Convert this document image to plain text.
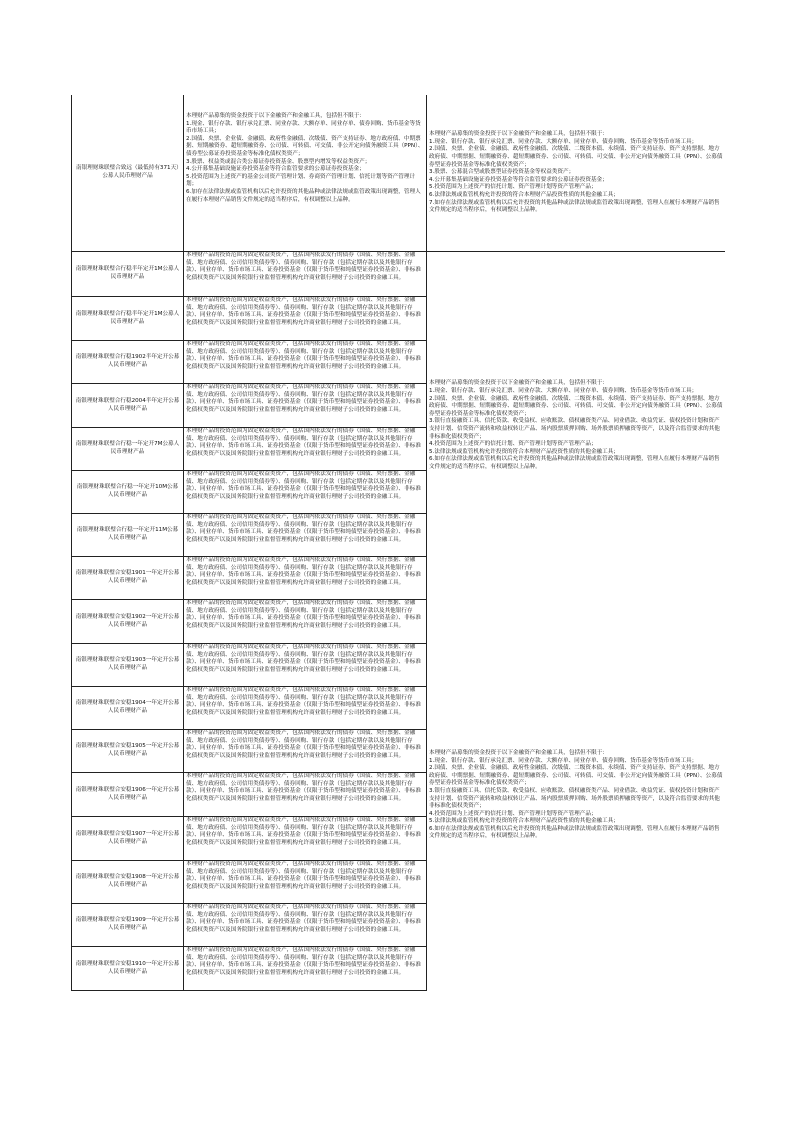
南银理财珠联璧合致远（最低持有371天）公募人民币理财产品
本理财产品募集的资金投资于以下金融资产和金融工具，包括但不限于：
1.现金、银行存款、银行承兑汇票、同业存款、大额存单、同业存单、债券回购、货币基金等货币市场工具；
2.国债、央票、企业债、金融债、政府性金融债、次级债、资产支持证券、地方政府债、中期票据、短期融资券、超短期融资券、公司债、可转债、可交债、非公开定向债务融资工具（PPN）、债券型公募证券投资基金等标准化债权类资产；
3.股票、权益类或混合类公募证券投资基金、股票型内增发等权益类资产；
4.公开募集基础设施证券投资基金等符合监管要求的公募证券投资基金；
5.投资范围为上述资产的基金公司资产管理计划、券商资产管理计划、信托计划等资产管理计划；
6.加存在法律法规或监管机构以后允许投资的其他品种或法律法规或监管政策出现调整，管理人在履行本理财产品销售文件规定的适当程序后，有权调整以上品种。
南银理财珠联璧合行稳半年定开1M公募人民币理财产品
本理财产品的投资范围为固定收益类资产，包括国内依法发行的债券（国债、央行票据、金融债、地方政府债、公司信用类债券等）、债券回购、银行存款（包括定期存款以及其他银行存款）、同业存单、货币市场工具、证券投资基金（仅限于货币型和纯债型证券投资基金）、非标准化债权类资产以及国务院银行业监督管理机构允许商业银行理财子公司投资的金融工具。
南银理财珠联璧合行稳半年定开1M公募人民币理财产品
本理财产品的投资范围为固定收益类资产，包括国内依法发行的债券（国债、央行票据、金融债、地方政府债、公司信用类债券等）、债券回购、银行存款（包括定期存款以及其他银行存款）、同业存单、货币市场工具、证券投资基金（仅限于货币型和纯债型证券投资基金）、非标准化债权类资产以及国务院银行业监督管理机构允许商业银行理财子公司投资的金融工具。
南银理财珠联璧合行稳1902半年定开公募人民币理财产品
本理财产品的投资范围为固定收益类资产，包括国内依法发行的债券（国债、央行票据、金融债、地方政府债、公司信用类债券等）、债券回购、银行存款（包括定期存款以及其他银行存款）、同业存单、货币市场工具、证券投资基金（仅限于货币型和纯债型证券投资基金）、非标准化债权类资产以及国务院银行业监督管理机构允许商业银行理财子公司投资的金融工具。
南银理财珠联璧合行稳2004半年定开公募人民币理财产品
本理财产品的投资范围为固定收益类资产，包括国内依法发行的债券（国债、央行票据、金融债、地方政府债、公司信用类债券等）、债券回购、银行存款（包括定期存款以及其他银行存款）、同业存单、货币市场工具、证券投资基金（仅限于货币型和纯债型证券投资基金）、非标准化债权类资产以及国务院银行业监督管理机构允许商业银行理财子公司投资的金融工具。
南银理财珠联璧合行稳一年定开7M公募人民币理财产品
本理财产品的投资范围为固定收益类资产，包括国内依法发行的债券（国债、央行票据、金融债、地方政府债、公司信用类债券等）、债券回购、银行存款（包括定期存款以及其他银行存款）、同业存单、货币市场工具、证券投资基金（仅限于货币型和纯债型证券投资基金）、非标准化债权类资产以及国务院银行业监督管理机构允许商业银行理财子公司投资的金融工具。
南银理财珠联璧合行稳一年定开10M公募人民币理财产品
本理财产品的投资范围为固定收益类资产，包括国内依法发行的债券（国债、央行票据、金融债、地方政府债、公司信用类债券等）、债券回购、银行存款（包括定期存款以及其他银行存款）、同业存单、货币市场工具、证券投资基金（仅限于货币型和纯债型证券投资基金）、非标准化债权类资产以及国务院银行业监督管理机构允许商业银行理财子公司投资的金融工具。
南银理财珠联璧合行稳一年定开11M公募人民币理财产品
本理财产品的投资范围为固定收益类资产，包括国内依法发行的债券（国债、央行票据、金融债、地方政府债、公司信用类债券等）、债券回购、银行存款（包括定期存款以及其他银行存款）、同业存单、货币市场工具、证券投资基金（仅限于货币型和纯债型证券投资基金）、非标准化债权类资产以及国务院银行业监督管理机构允许商业银行理财子公司投资的金融工具。
南银理财珠联璧合安稳1901一年定开公募人民币理财产品
本理财产品的投资范围为固定收益类资产，包括国内依法发行的债券（国债、央行票据、金融债、地方政府债、公司信用类债券等）、债券回购、银行存款（包括定期存款以及其他银行存款）、同业存单、货币市场工具、证券投资基金（仅限于货币型和纯债型证券投资基金）、非标准化债权类资产以及国务院银行业监督管理机构允许商业银行理财子公司投资的金融工具。
南银理财珠联璧合安稳1902一年定开公募人民币理财产品
本理财产品的投资范围为固定收益类资产，包括国内依法发行的债券（国债、央行票据、金融债、地方政府债、公司信用类债券等）、债券回购、银行存款（包括定期存款以及其他银行存款）、同业存单、货币市场工具、证券投资基金（仅限于货币型和纯债型证券投资基金）、非标准化债权类资产以及国务院银行业监督管理机构允许商业银行理财子公司投资的金融工具。
南银理财珠联璧合安稳1903一年定开公募人民币理财产品
本理财产品的投资范围为固定收益类资产，包括国内依法发行的债券（国债、央行票据、金融债、地方政府债、公司信用类债券等）、债券回购、银行存款（包括定期存款以及其他银行存款）、同业存单、货币市场工具、证券投资基金（仅限于货币型和纯债型证券投资基金）、非标准化债权类资产以及国务院银行业监督管理机构允许商业银行理财子公司投资的金融工具。
南银理财珠联璧合安稳1904一年定开公募人民币理财产品
本理财产品的投资范围为固定收益类资产，包括国内依法发行的债券（国债、央行票据、金融债、地方政府债、公司信用类债券等）、债券回购、银行存款（包括定期存款以及其他银行存款）、同业存单、货币市场工具、证券投资基金（仅限于货币型和纯债型证券投资基金）、非标准化债权类资产以及国务院银行业监督管理机构允许商业银行理财子公司投资的金融工具。
南银理财珠联璧合安稳1905一年定开公募人民币理财产品
本理财产品的投资范围为固定收益类资产，包括国内依法发行的债券（国债、央行票据、金融债、地方政府债、公司信用类债券等）、债券回购、银行存款（包括定期存款以及其他银行存款）、同业存单、货币市场工具、证券投资基金（仅限于货币型和纯债型证券投资基金）、非标准化债权类资产以及国务院银行业监督管理机构允许商业银行理财子公司投资的金融工具。
南银理财珠联璧合安稳1906一年定开公募人民币理财产品
本理财产品的投资范围为固定收益类资产，包括国内依法发行的债券（国债、央行票据、金融债、地方政府债、公司信用类债券等）、债券回购、银行存款（包括定期存款以及其他银行存款）、同业存单、货币市场工具、证券投资基金（仅限于货币型和纯债型证券投资基金）、非标准化债权类资产以及国务院银行业监督管理机构允许商业银行理财子公司投资的金融工具。
南银理财珠联璧合安稳1907一年定开公募人民币理财产品
本理财产品的投资范围为固定收益类资产，包括国内依法发行的债券（国债、央行票据、金融债、地方政府债、公司信用类债券等）、债券回购、银行存款（包括定期存款以及其他银行存款）、同业存单、货币市场工具、证券投资基金（仅限于货币型和纯债型证券投资基金）、非标准化债权类资产以及国务院银行业监督管理机构允许商业银行理财子公司投资的金融工具。
南银理财珠联璧合安稳1908一年定开公募人民币理财产品
本理财产品的投资范围为固定收益类资产，包括国内依法发行的债券（国债、央行票据、金融债、地方政府债、公司信用类债券等）、债券回购、银行存款（包括定期存款以及其他银行存款）、同业存单、货币市场工具、证券投资基金（仅限于货币型和纯债型证券投资基金）、非标准化债权类资产以及国务院银行业监督管理机构允许商业银行理财子公司投资的金融工具。
南银理财珠联璧合安稳1909一年定开公募人民币理财产品
本理财产品的投资范围为固定收益类资产，包括国内依法发行的债券（国债、央行票据、金融债、地方政府债、公司信用类债券等）、债券回购、银行存款（包括定期存款以及其他银行存款）、同业存单、货币市场工具、证券投资基金（仅限于货币型和纯债型证券投资基金）、非标准化债权类资产以及国务院银行业监督管理机构允许商业银行理财子公司投资的金融工具。
南银理财珠联璧合安稳1910一年定开公募人民币理财产品
本理财产品的投资范围为固定收益类资产，包括国内依法发行的债券（国债、央行票据、金融债、地方政府债、公司信用类债券等）、债券回购、银行存款（包括定期存款以及其他银行存款）、同业存单、货币市场工具、证券投资基金（仅限于货币型和纯债型证券投资基金）、非标准化债权类资产以及国务院银行业监督管理机构允许商业银行理财子公司投资的金融工具。
本理财产品募集的资金投资于以下金融资产和金融工具，包括但不限于：
1.现金、银行存款、银行承兑汇票、同业存款、大额存单、同业存单、债券回购、货币基金等货币市场工具；
2.国债、央票、企业债、金融债、政府性金融债、次级债、二级资本债、永续债、资产支持证券、资产支持票据、地方政府债、中期票据、短期融资券、超短期融资券、公司债、可转债、可交债、非公开定向债务融资工具（PPN）、公募债券型证券投资基金等标准化债权类资产；
3.股票、公募混合型或股票型证券投资基金等权益类资产；
4.公开募集基础设施证券投资基金等符合监管要求的公募证券投资基金；
5.投资范围为上述资产的信托计划、资产管理计划等资产管理产品；
6.法律法规或监管机构允许投资的符合本理财产品投资性质的其他金融工具；
7.如存在法律法规或监管机构以后允许投资的其他品种或法律法规或监管政策出现调整，管理人在履行本理财产品销售文件规定的适当程序后，有权调整以上品种。
本理财产品募集的资金投资于以下金融资产和金融工具，包括但不限于：
1.现金、银行存款、银行承兑汇票、同业存款、大额存单、同业存单、债券回购、货币基金等货币市场工具；
2.国债、央票、企业债、金融债、政府性金融债、次级债、二级资本债、永续债、资产支持证券、资产支持票据、地方政府债、中期票据、短期融资券、超短期融资券、公司债、可转债、可交债、非公开定向债务融资工具（PPN）、公募债券型证券投资基金等标准化债权类资产；
3.银行直接融资工具、信托贷款、收受益权、应收账款、债权融资类产品、同业借款、收益凭证、债权投资计划和资产支持计划、信贷资产流转和收益权转让产品、场内股票质押回购、场外股票质押融资等资产，以及符合监管要求的其他非标准化债权类资产；
4.投资范围为上述资产的信托计划、资产管理计划等资产管理产品；
5.法律法规或监管机构允许投资的符合本理财产品投资性质的其他金融工具；
6.如存在法律法规或监管机构以后允许投资的其他品种或法律法规或监管政策出现调整，管理人在履行本理财产品销售文件规定的适当程序后，有权调整以上品种。
本理财产品募集的资金投资于以下金融资产和金融工具，包括但不限于：
1.现金、银行存款、银行承兑汇票、同业存款、大额存单、同业存单、债券回购、货币基金等货币市场工具；
2.国债、央票、企业债、金融债、政府性金融债、次级债、二级资本债、永续债、资产支持证券、资产支持票据、地方政府债、中期票据、短期融资券、超短期融资券、公司债、可转债、可交债、非公开定向债务融资工具（PPN）、公募债券型证券投资基金等标准化债权类资产；
3.银行直接融资工具、信托贷款、收受益权、应收账款、债权融资类产品、同业借款、收益凭证、债权投资计划和资产支持计划、信贷资产流转和收益权转让产品、场内股票质押回购、场外股票质押融资等资产，以及符合监管要求的其他非标准化债权类资产；
4.投资范围为上述资产的信托计划、资产管理计划等资产管理产品；
5.法律法规或监管机构允许投资的符合本理财产品投资性质的其他金融工具；
6.如存在法律法规或监管机构以后允许投资的其他品种或法律法规或监管政策出现调整，管理人在履行本理财产品销售文件规定的适当程序后，有权调整以上品种。
